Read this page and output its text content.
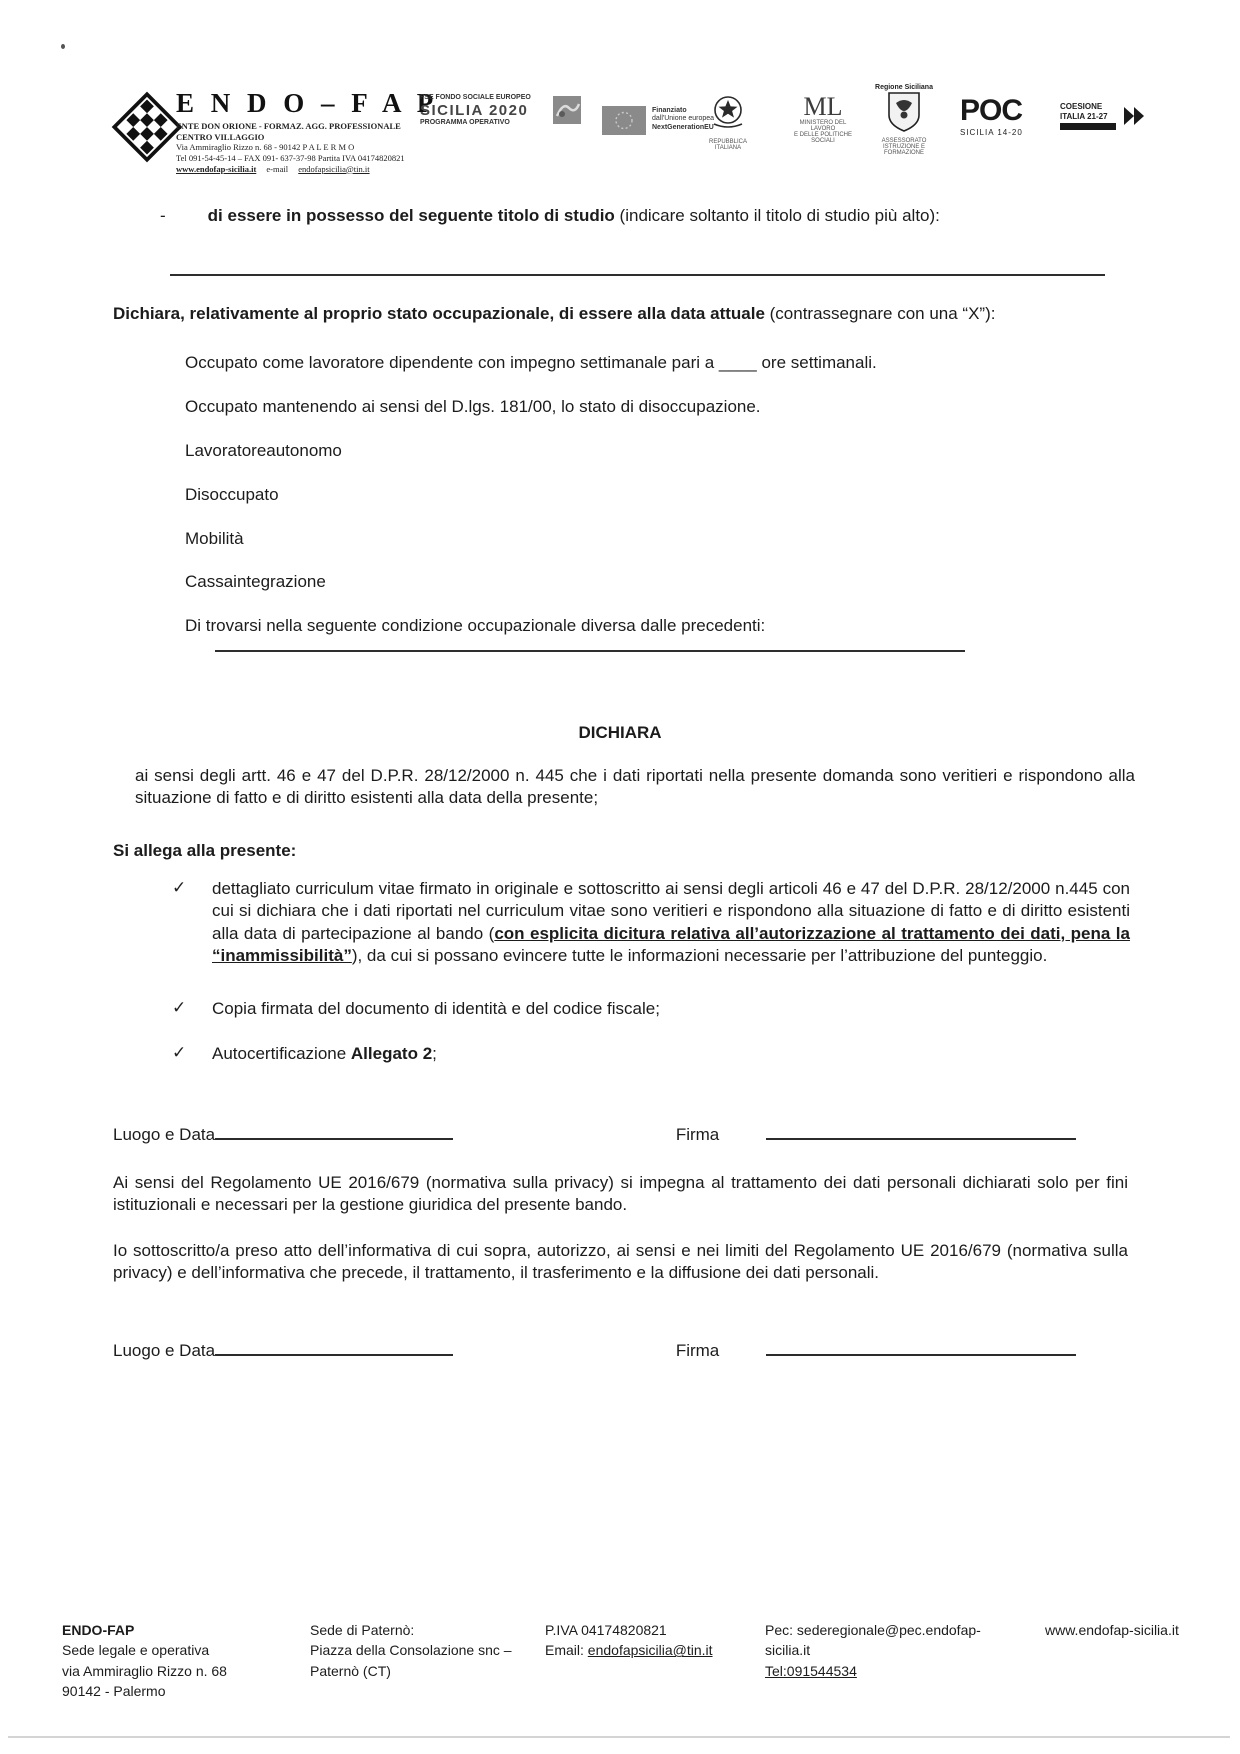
E N D O – F A P
ENTE DON ORIONE - FORMAZ. AGG. PROFESSIONALE
CENTRO VILLAGGIO
Via Ammiraglio Rizzo n. 68 - 90142 P A L E R M O
Tel 091-54-45-14 – FAX 091- 637-37-98 Partita IVA 04174820821
www.endofap-sicilia.it e-mail endofapsicilia@tin.it
FSE FONDO SOCIALE EUROPEO
SICILIA 2020
PROGRAMMA OPERATIVO
Finanziato
dall'Unione europea
NextGenerationEU
REPUBBLICA ITALIANA
ML
MINISTERO DEL LAVORO
E DELLE POLITICHE SOCIALI
Regione Siciliana
ASSESSORATO ISTRUZIONE E FORMAZIONE
POC
SICILIA 14-20
COESIONE
ITALIA 21-27
- di essere in possesso del seguente titolo di studio (indicare soltanto il titolo di studio più alto):
Dichiara, relativamente al proprio stato occupazionale, di essere alla data attuale (contrassegnare con una “X”):
Occupato come lavoratore dipendente con impegno settimanale pari a ____ ore settimanali.
Occupato mantenendo ai sensi del D.lgs. 181/00, lo stato di disoccupazione.
Lavoratoreautonomo
Disoccupato
Mobilità
Cassaintegrazione
Di trovarsi nella seguente condizione occupazionale diversa dalle precedenti:
DICHIARA
ai sensi degli artt. 46 e 47 del D.P.R. 28/12/2000 n. 445 che i dati riportati nella presente domanda sono veritieri e rispondono alla situazione di fatto e di diritto esistenti alla data della presente;
Si allega alla presente:
✓ dettagliato curriculum vitae firmato in originale e sottoscritto ai sensi degli articoli 46 e 47 del D.P.R. 28/12/2000 n.445 con cui si dichiara che i dati riportati nel curriculum vitae sono veritieri e rispondono alla situazione di fatto e di diritto esistenti alla data di partecipazione al bando (con esplicita dicitura relativa all’autorizzazione al trattamento dei dati, pena la “inammissibilità”), da cui si possano evincere tutte le informazioni necessarie per l’attribuzione del punteggio.
✓ Copia firmata del documento di identità e del codice fiscale;
✓ Autocertificazione Allegato 2;
Luogo e Data	Firma
Ai sensi del Regolamento UE 2016/679 (normativa sulla privacy) si impegna al trattamento dei dati personali dichiarati solo per fini istituzionali e necessari per la gestione giuridica del presente bando.
Io sottoscritto/a preso atto dell’informativa di cui sopra, autorizzo, ai sensi e nei limiti del Regolamento UE 2016/679 (normativa sulla privacy) e dell’informativa che precede, il trattamento, il trasferimento e la diffusione dei dati personali.
Luogo e Data	Firma
ENDO-FAP
Sede legale e operativa
via Ammiraglio Rizzo n. 68
90142 - Palermo
Sede di Paternò:
Piazza della Consolazione snc –
Paternò (CT)
P.IVA 04174820821
Email: endofapsicilia@tin.it
Pec: sederegionale@pec.endofap-
sicilia.it
Tel:091544534
www.endofap-sicilia.it
